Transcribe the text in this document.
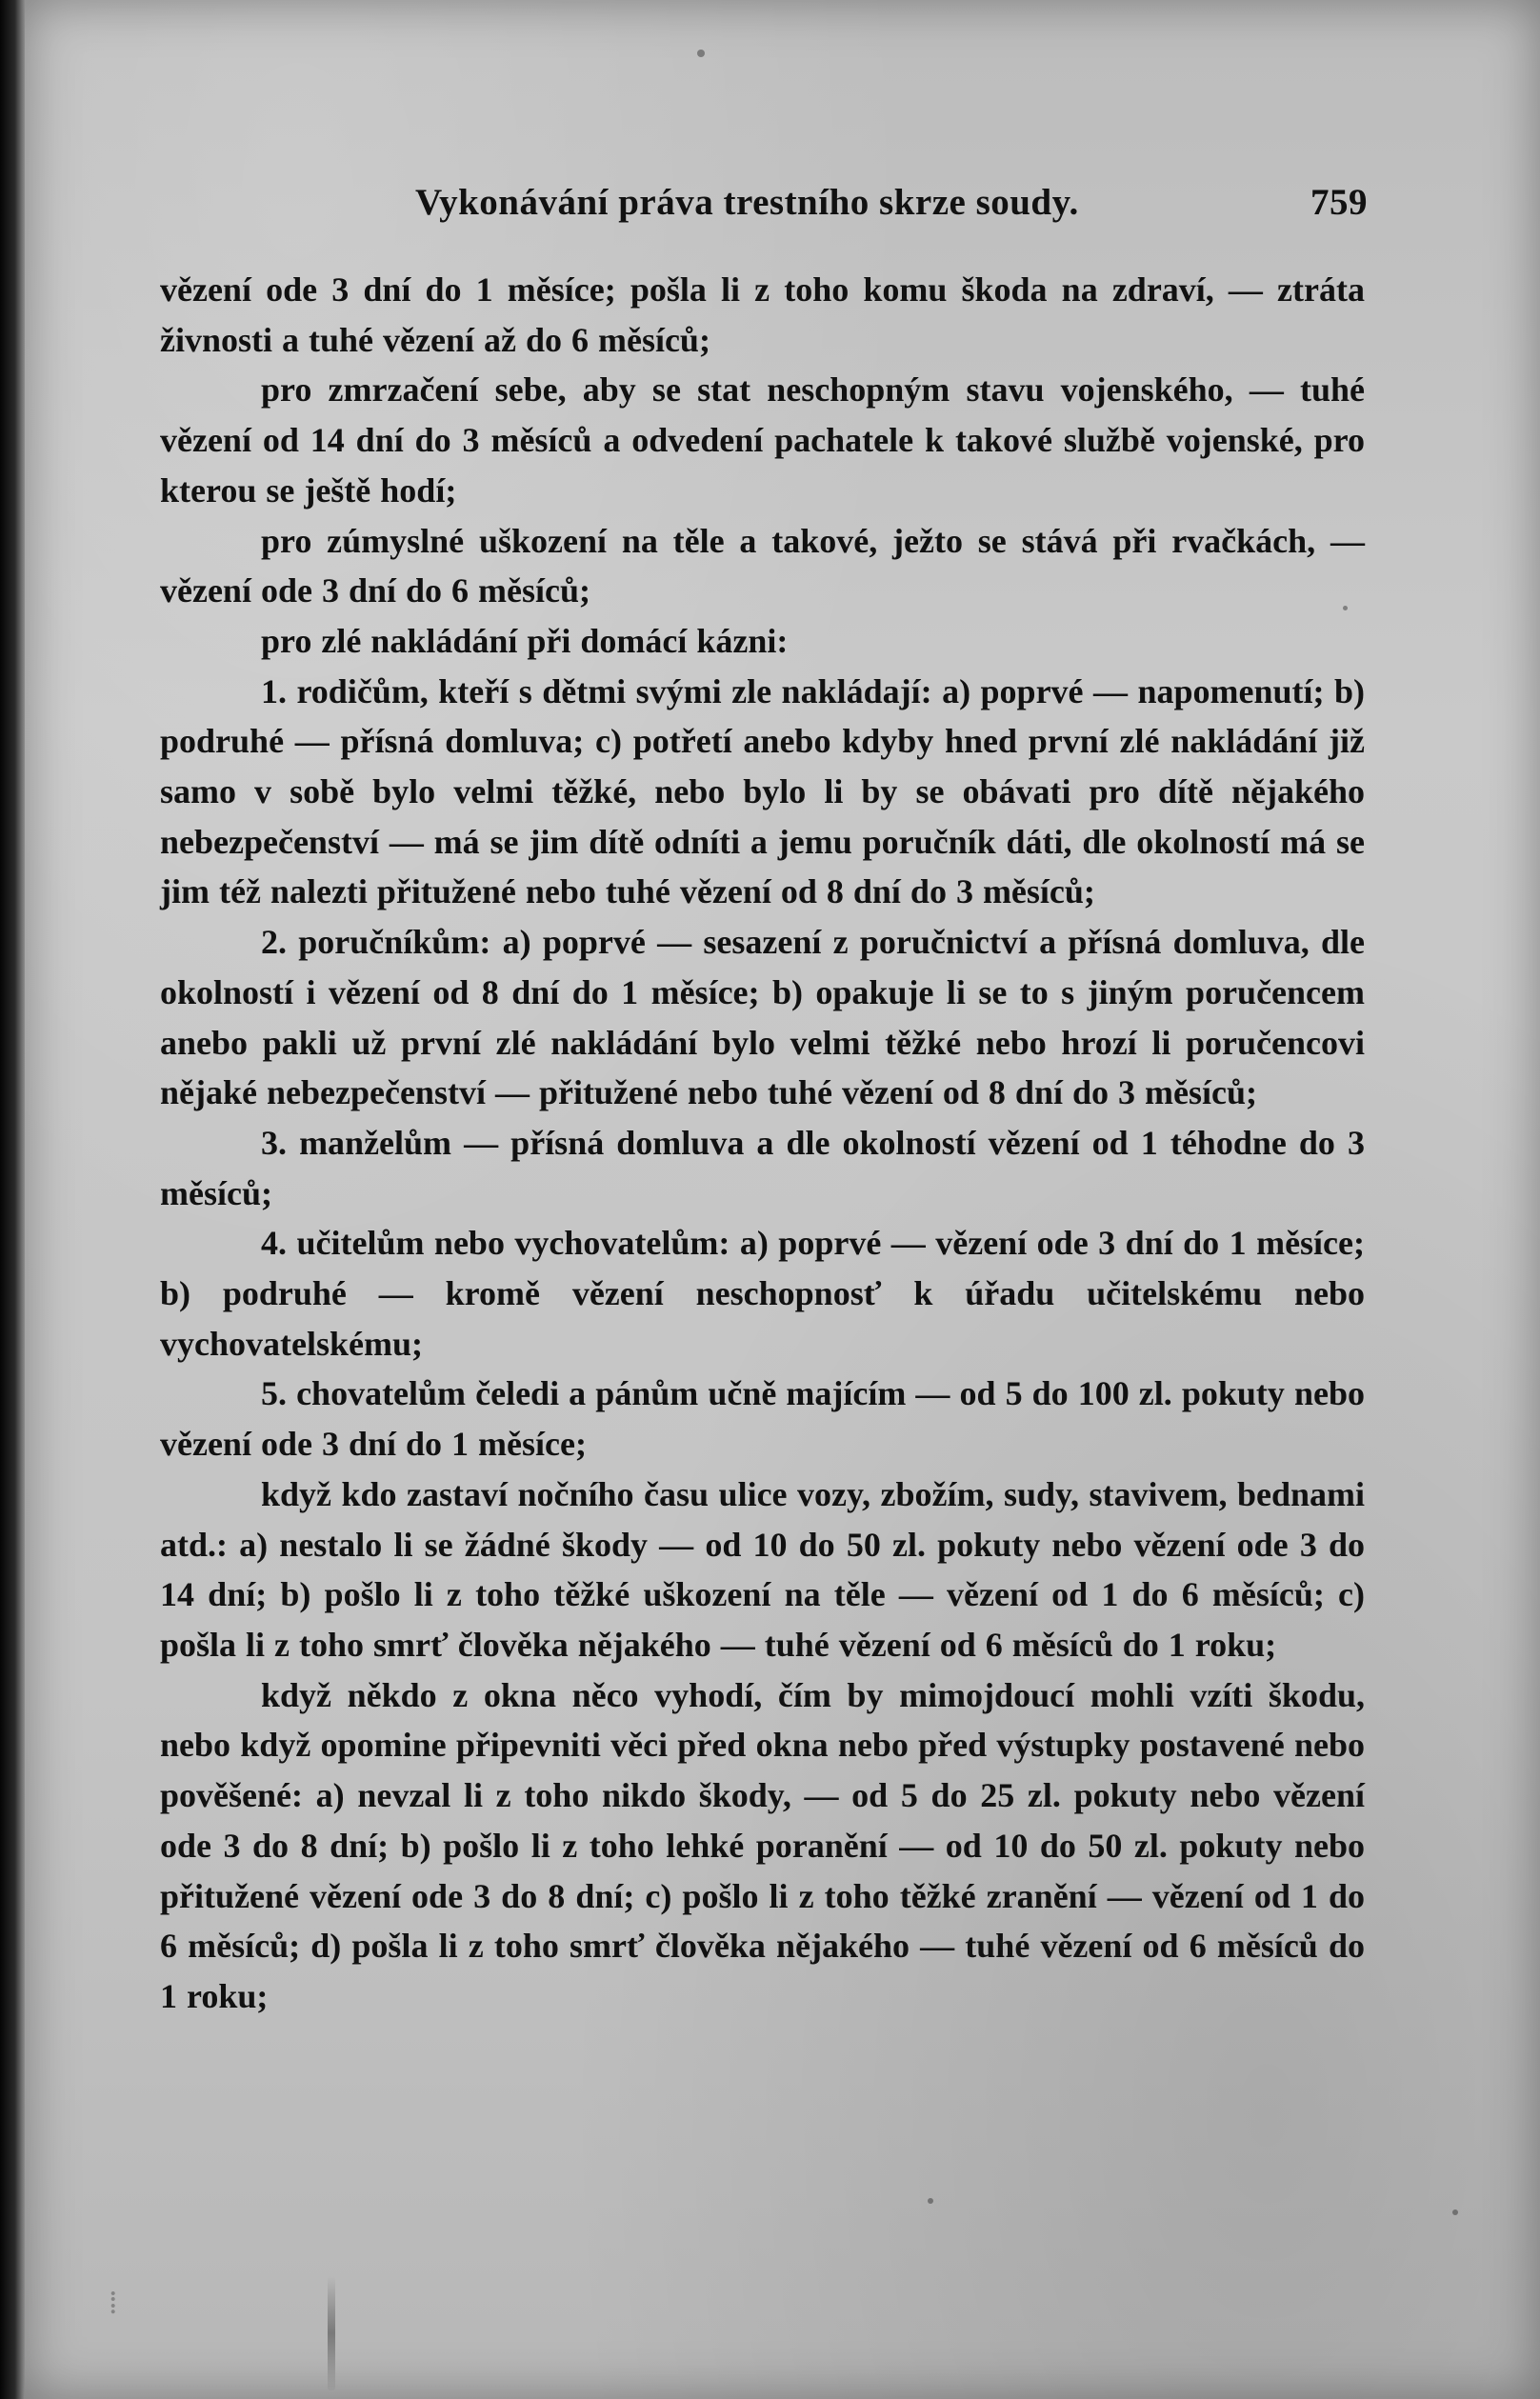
Vykonávání práva trestního skrze soudy.	759

vězení ode 3 dní do 1 měsíce; pošla li z toho komu škoda na zdraví, — ztráta živnosti a tuhé vězení až do 6 měsíců;

pro zmrzačení sebe, aby se stat neschopným stavu vojenského, — tuhé vězení od 14 dní do 3 měsíců a odvedení pachatele k takové službě vojenské, pro kterou se ještě hodí;

pro zúmyslné uškození na těle a takové, ježto se stává při rvačkách, — vězení ode 3 dní do 6 měsíců;

pro zlé nakládání při domácí kázni:

1. rodičům, kteří s dětmi svými zle nakládají: a) poprvé — napomenutí; b) podruhé — přísná domluva; c) potřetí anebo kdyby hned první zlé nakládání již samo v sobě bylo velmi těžké, nebo bylo li by se obávati pro dítě nějakého nebezpečenství — má se jim dítě odníti a jemu poručník dáti, dle okolností má se jim též nalezti přitužené nebo tuhé vězení od 8 dní do 3 měsíců;

2. poručníkům: a) poprvé — sesazení z poručnictví a přísná domluva, dle okolností i vězení od 8 dní do 1 měsíce; b) opakuje li se to s jiným poručencem anebo pakli už první zlé nakládání bylo velmi těžké nebo hrozí li poručencovi nějaké nebezpečenství — přitužené nebo tuhé vězení od 8 dní do 3 měsíců;

3. manželům — přísná domluva a dle okolností vězení od 1 téhodne do 3 měsíců;

4. učitelům nebo vychovatelům: a) poprvé — vězení ode 3 dní do 1 měsíce; b) podruhé — kromě vězení neschopnosť k úřadu učitelskému nebo vychovatelskému;

5. chovatelům čeledi a pánům učně majícím — od 5 do 100 zl. pokuty nebo vězení ode 3 dní do 1 měsíce;

když kdo zastaví nočního času ulice vozy, zbožím, sudy, stavivem, bednami atd.: a) nestalo li se žádné škody — od 10 do 50 zl. pokuty nebo vězení ode 3 do 14 dní; b) pošlo li z toho těžké uškození na těle — vězení od 1 do 6 měsíců; c) pošla li z toho smrť člověka nějakého — tuhé vězení od 6 měsíců do 1 roku;

když někdo z okna něco vyhodí, čím by mimojdoucí mohli vzíti škodu, nebo když opomine připevniti věci před okna nebo před výstupky postavené nebo pověšené: a) nevzal li z toho nikdo škody, — od 5 do 25 zl. pokuty nebo vězení ode 3 do 8 dní; b) pošlo li z toho lehké poranění — od 10 do 50 zl. pokuty nebo přitužené vězení ode 3 do 8 dní; c) pošlo li z toho těžké zranění — vězení od 1 do 6 měsíců; d) pošla li z toho smrť člověka nějakého — tuhé vězení od 6 měsíců do 1 roku;

⁞
